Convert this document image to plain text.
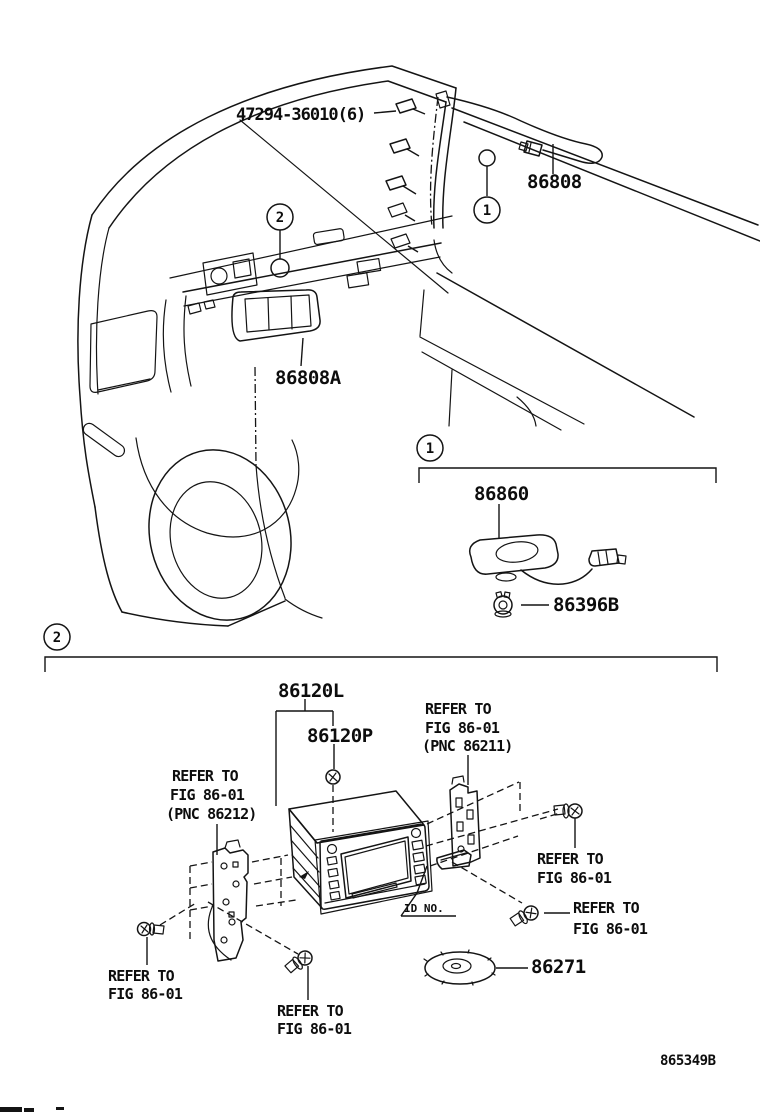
2	1
47294-36010(6)
86808
86808A
1
86860
86396B
2
86120L
86120P
REFER TO
FIG 86-01
(PNC 86212)
REFER TO
FIG 86-01
(PNC 86211)
REFER TO
FIG 86-01
REFER TO
FIG 86-01
REFER TO
FIG 86-01
REFER TO
FIG 86-01
ID NO.
86271
865349B
